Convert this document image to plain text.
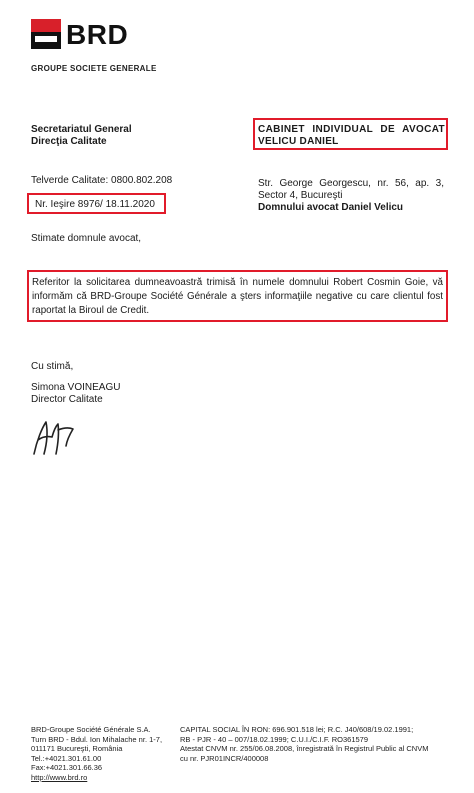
BRD
GROUPE SOCIETE GENERALE
Secretariatul General
Direcţia Calitate
Telverde Calitate: 0800.802.208
Nr. Ieşire 8976/ 18.11.2020
CABINET INDIVIDUAL DE AVOCAT
VELICU DANIEL
Str. George Georgescu, nr. 56, ap. 3,
Sector 4, Bucureşti
Domnului avocat Daniel Velicu
Stimate domnule avocat,
Referitor la solicitarea dumneavoastră trimisă în numele domnului Robert Cosmin Goie, vă informăm că BRD-Groupe Société Générale a şters informaţiile negative cu care clientul fost raportat la Biroul de Credit.
Cu stimă,
Simona VOINEAGU
Director Calitate
BRD-Groupe Société Générale S.A.
Turn BRD - Bdul. Ion Mihalache nr. 1-7,
011171 Bucureşti, România
Tel.:+4021.301.61.00
Fax:+4021.301.66.36
http://www.brd.ro
CAPITAL SOCIAL ÎN RON: 696.901.518 lei; R.C. J40/608/19.02.1991;
RB - PJR - 40 – 007/18.02.1999; C.U.I./C.I.F. RO361579
Atestat CNVM nr. 255/06.08.2008, înregistrată în Registrul Public al CNVM
cu nr. PJR01INCR/400008
